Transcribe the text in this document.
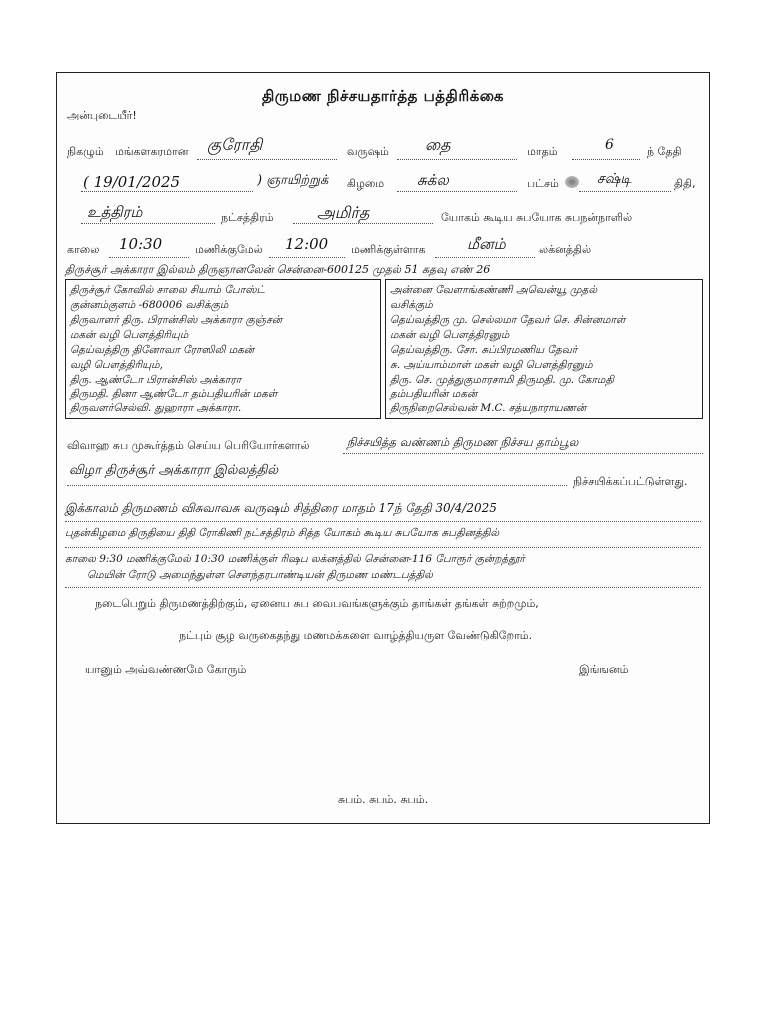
திருமண நிச்சயதார்த்த பத்திரிக்கை
அன்புடையீர்!
நிகழும் மங்களகரமான குரோதி	வருஷம் தை	மாதம்	6	ந் தேதி
( 19/01/2025	) ஞாயிற்றுக் கிழமை சுக்ல	பட்சம்	சஷ்டி	திதி,
உத்திரம்	நட்சத்திரம்	அமிர்த	யோகம் கூடிய சுபயோக சுபநன்நாளில்
காலை 10:30	மணிக்குமேல் 12:00 மணிக்குள்ளாக	மீனம்	லக்னத்தில்
திருச்சூர் அக்காரா இல்லம் திருஞானலேன் சென்னை-600125 முதல் 51 கதவு எண் 26
திருச்சூர் கோவில் சாலை சியாம் போஸ்ட்
குன்னம்குளம் -680006 வசிக்கும்
திருவாளர் திரு. பிரான்சிஸ் அக்காரா குஞ்சன்
மகன் வழி பௌத்திரியும்
தெய்வத்திரு தினோவா ரோஸிலி மகன்
வழி பௌத்திரியும்,
திரு. ஆண்டோ பிரான்சிஸ் அக்காரா
திருமதி. தினா ஆண்டோ தம்பதியரின் மகள்
திருவளர்செல்வி. துஹாரா அக்காரா.
அன்னை வேளாங்கண்ணி அவென்யூ முதல்
வசிக்கும்
தெய்வத்திரு மு. செல்லமா தேவர் செ. சின்னமாள்
மகன் வழி பௌத்திரனும்
தெய்வத்திரு. சோ. சுப்பிரமணிய தேவர்
சு. அய்யாம்மாள் மகள் வழி பௌத்திரனும்
திரு. செ. முத்துகுமாரசாமி திருமதி. மு. கோமதி
தம்பதியரின் மகன்
திருநிறைசெல்வன் M.C. சத்யநாராயணன்
விவாஹ சுப முகூர்த்தம் செய்ய பெரியோர்களால்	நிச்சயித்த வண்ணம் திருமண நிச்சய தாம்பூல
விழா திருச்சூர் அக்காரா இல்லத்தில்
நிச்சயிக்கப்பட்டுள்ளது.
இக்காலம் திருமணம் விசுவாவசு வருஷம் சித்திரை மாதம் 17ந் தேதி 30/4/2025
புதன்கிழமை திருதியை திதி ரோகிணி நட்சத்திரம் சித்த யோகம் கூடிய சுபயோக சுபதினத்தில்
காலை 9:30 மணிக்குமேல் 10:30 மணிக்குள் ரிஷப லக்னத்தில் சென்னை-116 போரூர் குன்றத்தூர்
மெயின் ரோடு அமைந்துள்ள சௌந்தரபாண்டியன் திருமண மண்டபத்தில்
நடைபெறும் திருமணத்திற்கும், ஏனைய சுப வைபவங்களுக்கும் தாங்கள் தங்கள் சுற்றமும்,
நட்பும் சூழ வருகைதந்து மணமக்களை வாழ்த்தியருள வேண்டுகிறோம்.
யானும் அவ்வண்ணமே கோரும்	இங்ஙனம்
சுபம். சுபம். சுபம்.
